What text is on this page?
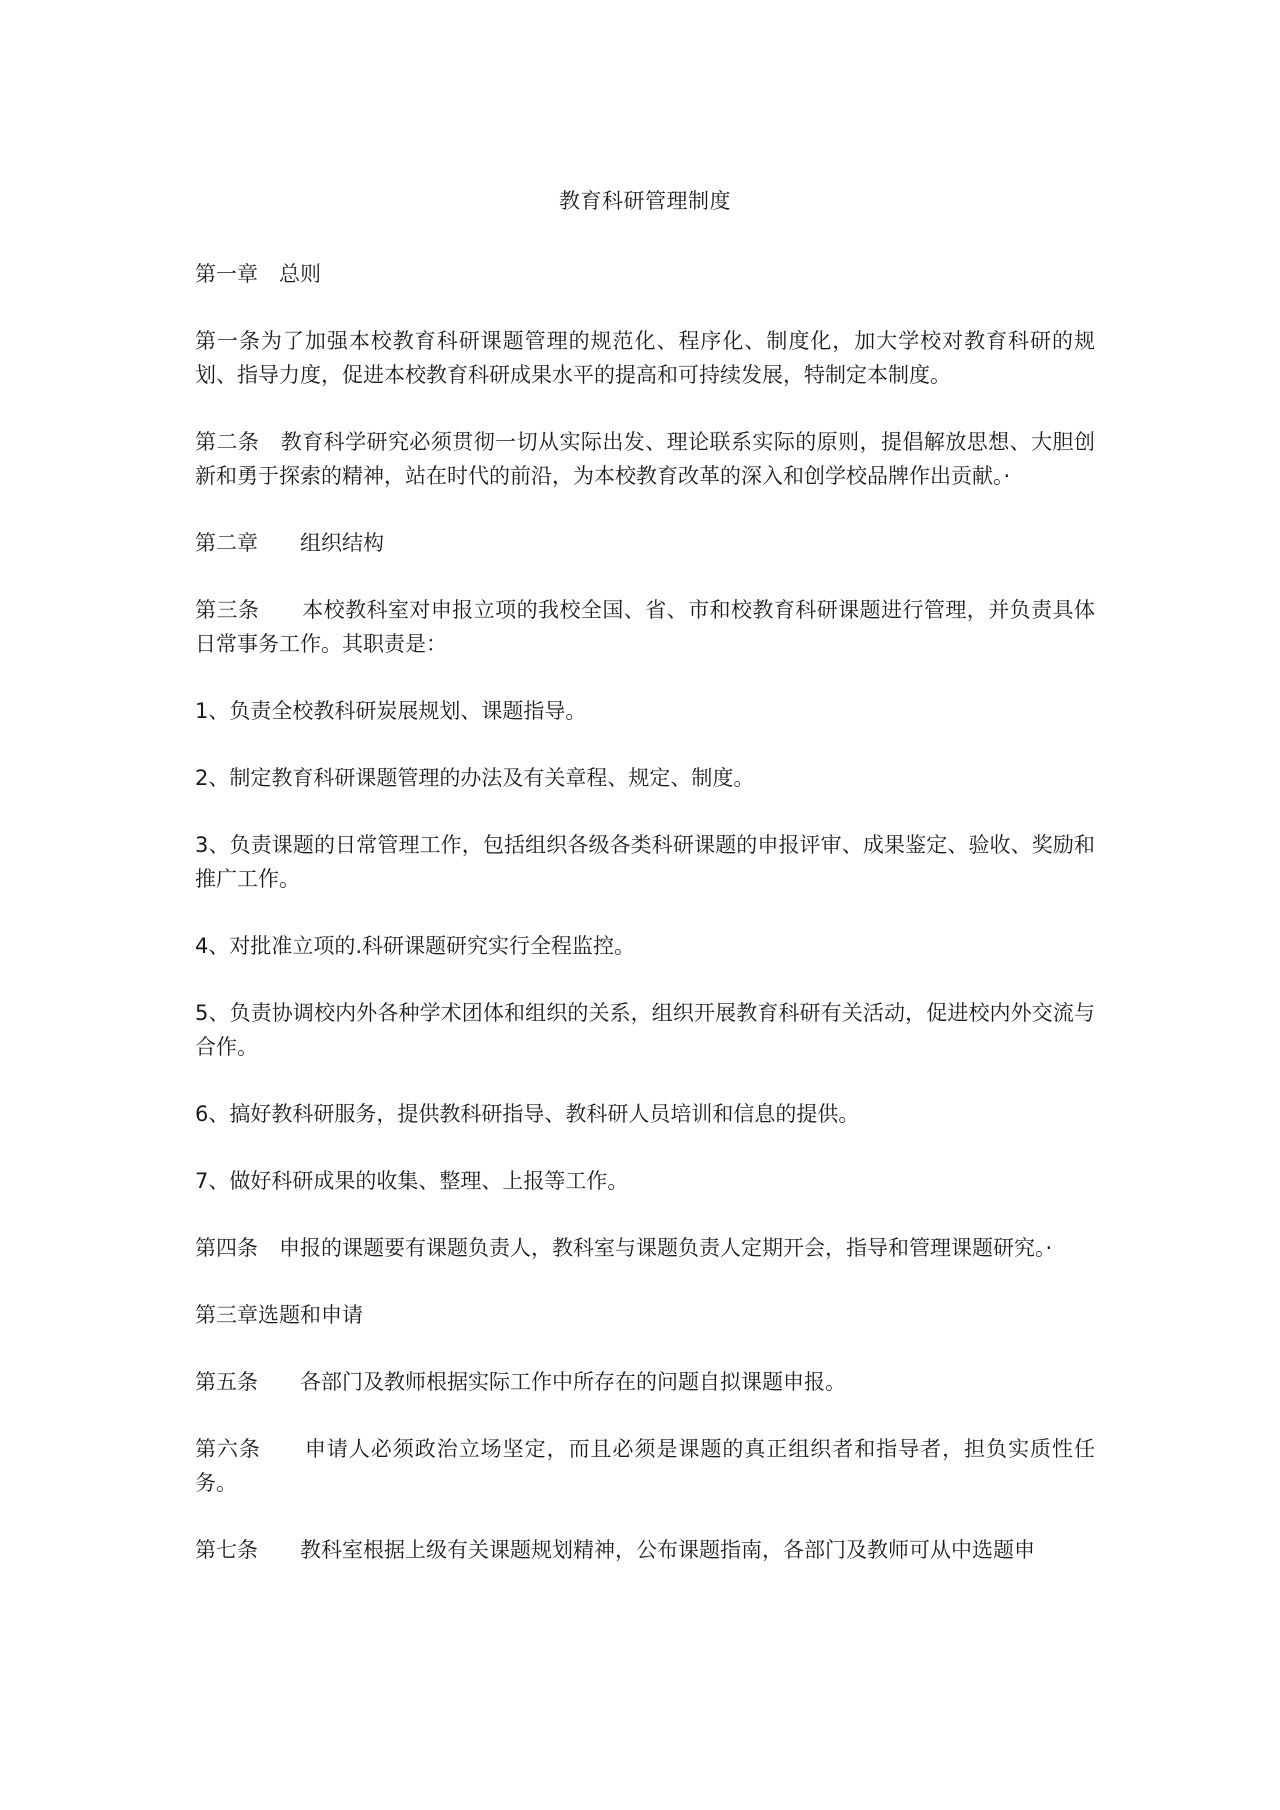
教育科研管理制度

第一章　总则

第一条为了加强本校教育科研课题管理的规范化、程序化、制度化，加大学校对教育科研的规划、指导力度，促进本校教育科研成果水平的提高和可持续发展，特制定本制度。

第二条　教育科学研究必须贯彻一切从实际出发、理论联系实际的原则，提倡解放思想、大胆创新和勇于探索的精神，站在时代的前沿，为本校教育改革的深入和创学校品牌作出贡献。·

第二章　　组织结构

第三条　　本校教科室对申报立项的我校全国、省、市和校教育科研课题进行管理，并负责具体日常事务工作。其职责是：

1、负责全校教科研炭展规划、课题指导。

2、制定教育科研课题管理的办法及有关章程、规定、制度。

3、负责课题的日常管理工作，包括组织各级各类科研课题的申报评审、成果鉴定、验收、奖励和推广工作。

4、对批准立项的.科研课题研究实行全程监控。

5、负责协调校内外各种学术团体和组织的关系，组织开展教育科研有关活动，促进校内外交流与合作。

6、搞好教科研服务，提供教科研指导、教科研人员培训和信息的提供。

7、做好科研成果的收集、整理、上报等工作。

第四条　申报的课题要有课题负责人，教科室与课题负责人定期开会，指导和管理课题研究。·

第三章选题和申请

第五条　　各部门及教师根据实际工作中所存在的问题自拟课题申报。

第六条　　申请人必须政治立场坚定，而且必须是课题的真正组织者和指导者，担负实质性任务。

第七条　　教科室根据上级有关课题规划精神，公布课题指南，各部门及教师可从中选题申
